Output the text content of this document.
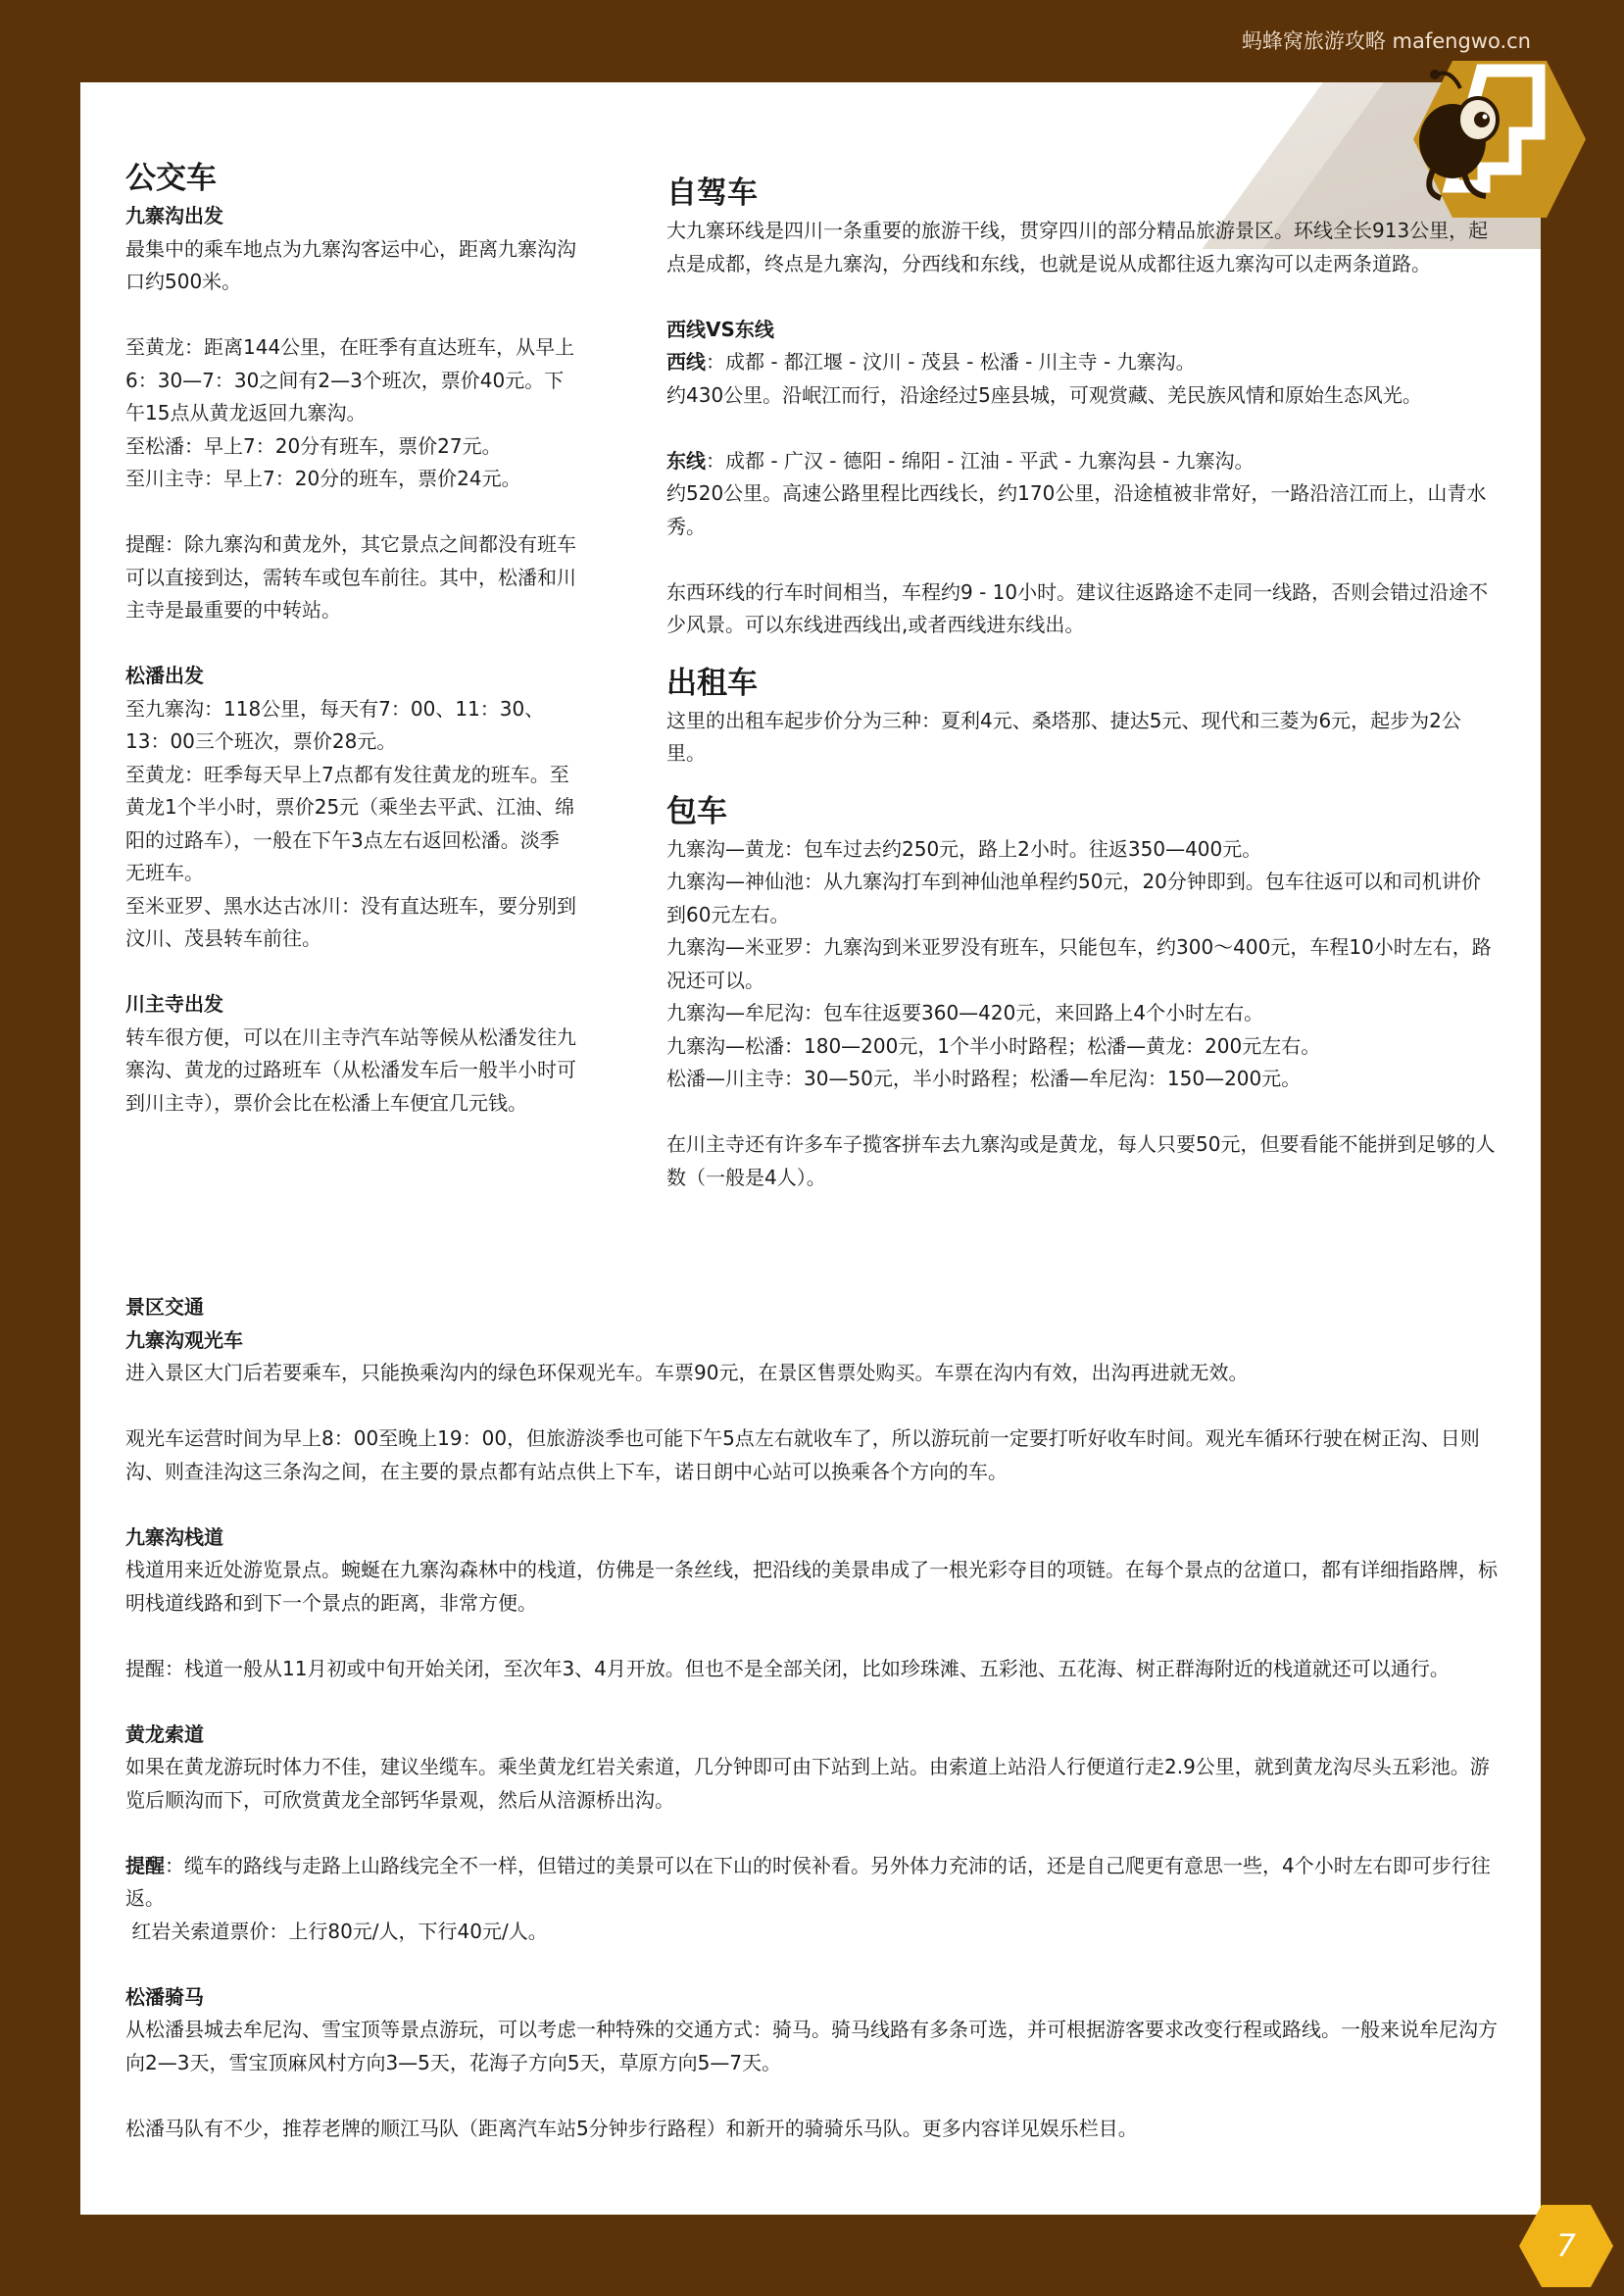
蚂蜂窝旅游攻略 mafengwo.cn

公交车

九寨沟出发

最集中的乘车地点为九寨沟客运中心，距离九寨沟沟口约500米。

至黄龙：距离144公里，在旺季有直达班车，从早上6：30—7：30之间有2—3个班次，票价40元。下午15点从黄龙返回九寨沟。

至松潘：早上7：20分有班车，票价27元。

至川主寺：早上7：20分的班车，票价24元。

提醒：除九寨沟和黄龙外，其它景点之间都没有班车可以直接到达，需转车或包车前往。其中，松潘和川主寺是最重要的中转站。

松潘出发

至九寨沟：118公里，每天有7：00、11：30、13：00三个班次，票价28元。

至黄龙：旺季每天早上7点都有发往黄龙的班车。至黄龙1个半小时，票价25元（乘坐去平武、江油、绵阳的过路车），一般在下午3点左右返回松潘。淡季无班车。

至米亚罗、黑水达古冰川：没有直达班车，要分别到汶川、茂县转车前往。

川主寺出发

转车很方便，可以在川主寺汽车站等候从松潘发往九寨沟、黄龙的过路班车（从松潘发车后一般半小时可到川主寺），票价会比在松潘上车便宜几元钱。

自驾车

大九寨环线是四川一条重要的旅游干线，贯穿四川的部分精品旅游景区。环线全长913公里，起点是成都，终点是九寨沟，分西线和东线，也就是说从成都往返九寨沟可以走两条道路。

西线VS东线

西线：成都 - 都江堰 - 汶川 - 茂县 - 松潘 - 川主寺 - 九寨沟。

约430公里。沿岷江而行，沿途经过5座县城，可观赏藏、羌民族风情和原始生态风光。

东线：成都 - 广汉 - 德阳 - 绵阳 - 江油 - 平武 - 九寨沟县 - 九寨沟。

约520公里。高速公路里程比西线长，约170公里，沿途植被非常好，一路沿涪江而上，山青水秀。

东西环线的行车时间相当，车程约9 - 10小时。建议往返路途不走同一线路，否则会错过沿途不少风景。可以东线进西线出,或者西线进东线出。

出租车

这里的出租车起步价分为三种：夏利4元、桑塔那、捷达5元、现代和三菱为6元，起步为2公里。

包车

九寨沟—黄龙：包车过去约250元，路上2小时。往返350—400元。

九寨沟—神仙池：从九寨沟打车到神仙池单程约50元，20分钟即到。包车往返可以和司机讲价到60元左右。

九寨沟—米亚罗：九寨沟到米亚罗没有班车，只能包车，约300～400元，车程10小时左右，路况还可以。

九寨沟—牟尼沟：包车往返要360—420元，来回路上4个小时左右。

九寨沟—松潘：180—200元，1个半小时路程；松潘—黄龙：200元左右。

松潘—川主寺：30—50元，半小时路程；松潘—牟尼沟：150—200元。

在川主寺还有许多车子揽客拼车去九寨沟或是黄龙，每人只要50元，但要看能不能拼到足够的人数（一般是4人）。

景区交通

九寨沟观光车

进入景区大门后若要乘车，只能换乘沟内的绿色环保观光车。车票90元，在景区售票处购买。车票在沟内有效，出沟再进就无效。

观光车运营时间为早上8：00至晚上19：00，但旅游淡季也可能下午5点左右就收车了，所以游玩前一定要打听好收车时间。观光车循环行驶在树正沟、日则沟、则查洼沟这三条沟之间，在主要的景点都有站点供上下车，诺日朗中心站可以换乘各个方向的车。

九寨沟栈道

栈道用来近处游览景点。蜿蜒在九寨沟森林中的栈道，仿佛是一条丝线，把沿线的美景串成了一根光彩夺目的项链。在每个景点的岔道口，都有详细指路牌，标明栈道线路和到下一个景点的距离，非常方便。

提醒：栈道一般从11月初或中旬开始关闭，至次年3、4月开放。但也不是全部关闭，比如珍珠滩、五彩池、五花海、树正群海附近的栈道就还可以通行。

黄龙索道

如果在黄龙游玩时体力不佳，建议坐缆车。乘坐黄龙红岩关索道，几分钟即可由下站到上站。由索道上站沿人行便道行走2.9公里，就到黄龙沟尽头五彩池。游览后顺沟而下，可欣赏黄龙全部钙华景观，然后从涪源桥出沟。

提醒：缆车的路线与走路上山路线完全不一样，但错过的美景可以在下山的时侯补看。另外体力充沛的话，还是自己爬更有意思一些，4个小时左右即可步行往返。

红岩关索道票价：上行80元/人，下行40元/人。

松潘骑马

从松潘县城去牟尼沟、雪宝顶等景点游玩，可以考虑一种特殊的交通方式：骑马。骑马线路有多条可选，并可根据游客要求改变行程或路线。一般来说牟尼沟方向2—3天，雪宝顶麻风村方向3—5天，花海子方向5天，草原方向5—7天。

松潘马队有不少，推荐老牌的顺江马队（距离汽车站5分钟步行路程）和新开的骑骑乐马队。更多内容详见娱乐栏目。

7
